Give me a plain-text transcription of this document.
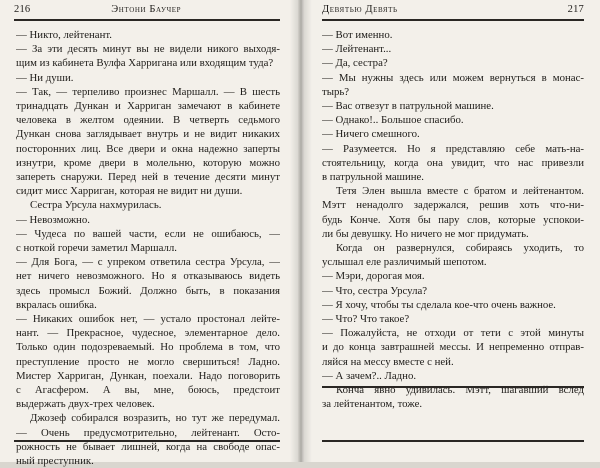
216	Энтони Баучер
— Никто, лейтенант.
— За эти десять минут вы не видели никого выходя-
щим из кабинета Вулфа Харригана или входящим туда?
— Ни души.
— Так, — терпеливо произнес Маршалл. — В шесть
тринадцать Дункан и Харриган замечают в кабинете
человека в желтом одеянии. В четверть седьмого
Дункан снова заглядывает внутрь и не видит никаких
посторонних лиц. Все двери и окна надежно заперты
изнутри, кроме двери в молельню, которую можно
запереть снаружи. Перед ней в течение десяти минут
сидит мисс Харриган, которая не видит ни души.
Сестра Урсула нахмурилась.
— Невозможно.
— Чудеса по вашей части, если не ошибаюсь, —
с ноткой горечи заметил Маршалл.
— Для Бога, — с упреком ответила сестра Урсула, —
нет ничего невозможного. Но я отказываюсь видеть
здесь промысл Божий. Должно быть, в показания
вкралась ошибка.
— Никаких ошибок нет, — устало простонал лейте-
нант. — Прекрасное, чудесное, элементарное дело.
Только один подозреваемый. Но проблема в том, что
преступление просто не могло свершиться! Ладно.
Мистер Харриган, Дункан, поехали. Надо поговорить
с Агасфером. А вы, мне, боюсь, предстоит
выдержать двух-трех человек.
Джозеф собирался возразить, но тут же передумал.
— Очень предусмотрительно, лейтенант. Осто-
рожность не бывает лишней, когда на свободе опас-
ный преступник.
Девятью Девять	217
— Вот именно.
— Лейтенант...
— Да, сестра?
— Мы нужны здесь или можем вернуться в монас-
тырь?
— Вас отвезут в патрульной машине.
— Однако!.. Большое спасибо.
— Ничего смешного.
— Разумеется. Но я представляю себе мать-на-
стоятельницу, когда она увидит, что нас привезли
в патрульной машине.
Тетя Элен вышла вместе с братом и лейтенантом.
Мэтт ненадолго задержался, решив хоть что-ни-
будь Конче. Хотя бы пару слов, которые успокои-
ли бы девушку. Но ничего не мог придумать.
Когда он развернулся, собираясь уходить, то
услышал еле различимый шепотом.
— Мэри, дорогая моя.
— Что, сестра Урсула?
— Я хочу, чтобы ты сделала кое-что очень важное.
— Что? Что такое?
— Пожалуйста, не отходи от тети с этой минуты
и до конца завтрашней мессы. И непременно отправ-
ляйся на мессу вместе с ней.
— А зачем?.. Ладно.
Конча явно удивилась. Мэтт, шагавший вслед
за лейтенантом, тоже.
